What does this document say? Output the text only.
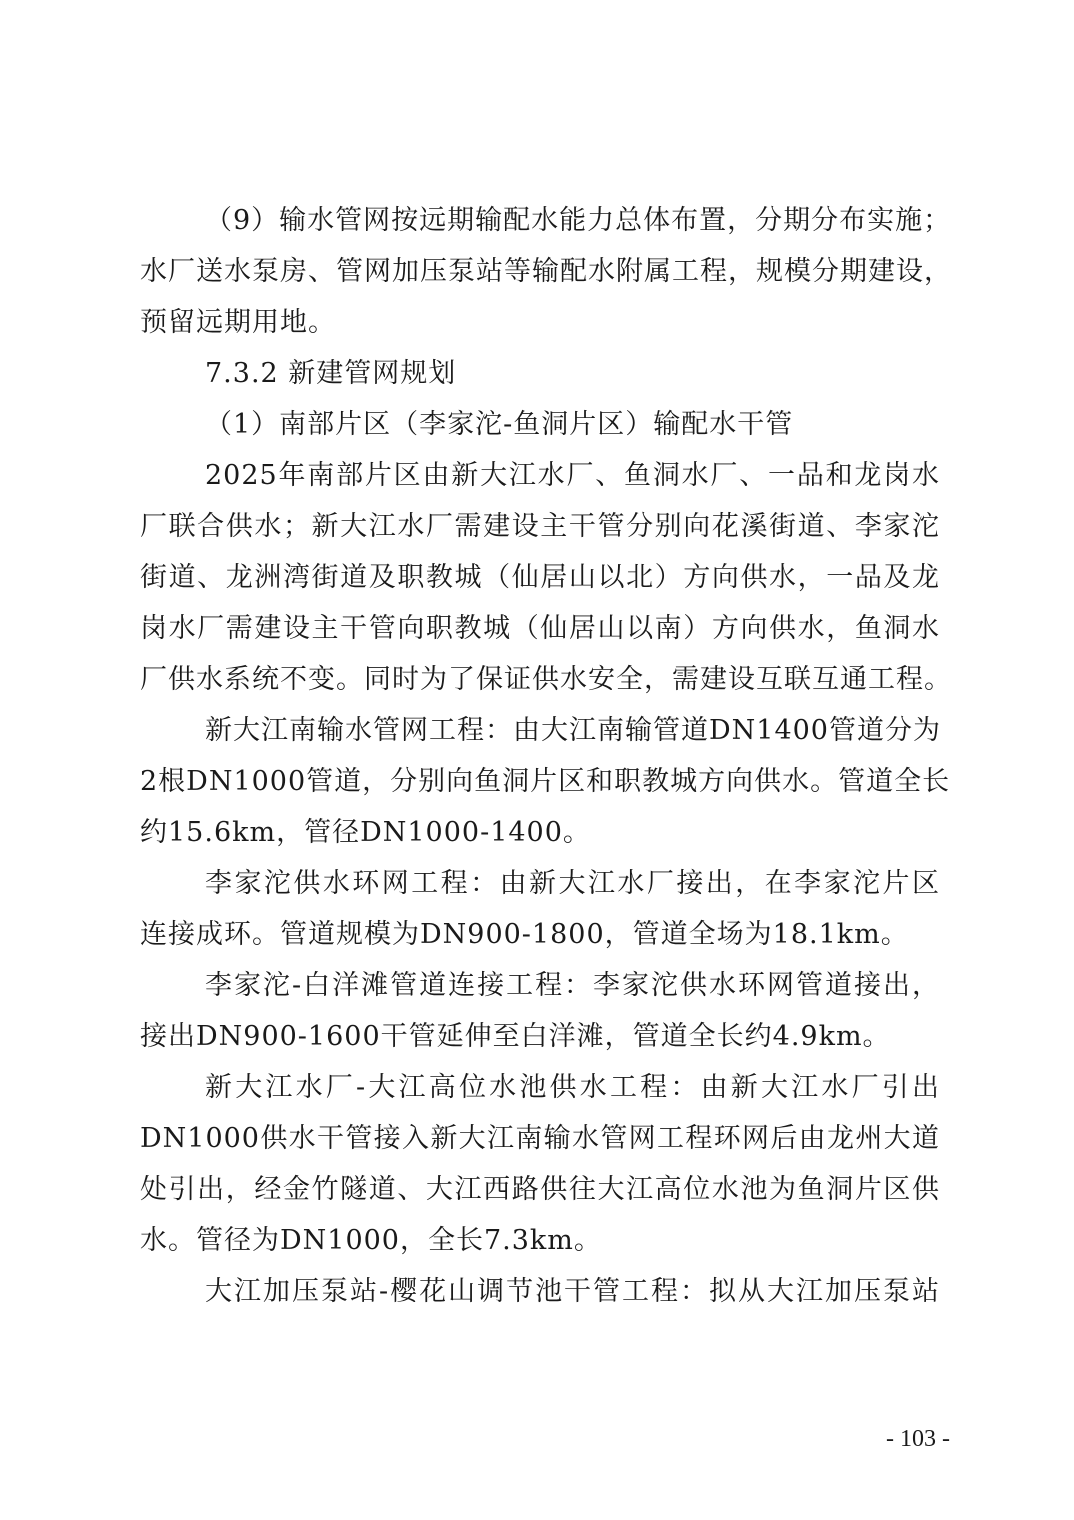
（9）输水管网按远期输配水能力总体布置，分期分布实施；
水厂送水泵房、管网加压泵站等输配水附属工程，规模分期建设，
预留远期用地。
7.3.2 新建管网规划
（1）南部片区（李家沱-鱼洞片区）输配水干管
2025年南部片区由新大江水厂、鱼洞水厂、一品和龙岗水
厂联合供水；新大江水厂需建设主干管分别向花溪街道、李家沱
街道、龙洲湾街道及职教城（仙居山以北）方向供水，一品及龙
岗水厂需建设主干管向职教城（仙居山以南）方向供水，鱼洞水
厂供水系统不变。同时为了保证供水安全，需建设互联互通工程。
新大江南输水管网工程：由大江南输管道DN1400管道分为
2根DN1000管道，分别向鱼洞片区和职教城方向供水。管道全长
约15.6km，管径DN1000-1400。
李家沱供水环网工程：由新大江水厂接出，在李家沱片区
连接成环。管道规模为DN900-1800，管道全场为18.1km。
李家沱-白洋滩管道连接工程：李家沱供水环网管道接出，
接出DN900-1600干管延伸至白洋滩，管道全长约4.9km。
新大江水厂-大江高位水池供水工程：由新大江水厂引出
DN1000供水干管接入新大江南输水管网工程环网后由龙州大道
处引出，经金竹隧道、大江西路供往大江高位水池为鱼洞片区供
水。管径为DN1000，全长7.3km。
大江加压泵站-樱花山调节池干管工程：拟从大江加压泵站
- 103 -
